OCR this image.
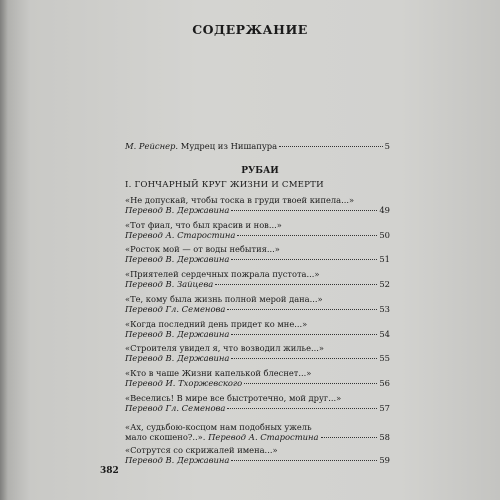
СОДЕРЖАНИЕ
М. Рейснер. Мудрец из Нишапура	5
РУБАИ
I. ГОНЧАРНЫЙ КРУГ ЖИЗНИ И СМЕРТИ
«Не допускай, чтобы тоска в груди твоей кипела...»
Перевод В. Державина	49
«Тот фиал, что был красив и нов...»
Перевод А. Старостина	50
«Росток мой — от воды небытия...»
Перевод В. Державина	51
«Приятелей сердечных пожрала пустота...»
Перевод В. Зайцева	52
«Те, кому была жизнь полной мерой дана...»
Перевод Гл. Семенова	53
«Когда последний день придет ко мне...»
Перевод В. Державина	54
«Строителя увидел я, что возводил жилье...»
Перевод В. Державина	55
«Кто в чаше Жизни капелькой блеснет...»
Перевод И. Тхоржевского	56
«Веселись! В мире все быстротечно, мой друг...»
Перевод Гл. Семенова	57
«Ах, судьбою-косцом нам подобных ужель
мало скошено?..». Перевод А. Старостина	58
«Сотрутся со скрижалей имена...»
Перевод В. Державина	59
382
